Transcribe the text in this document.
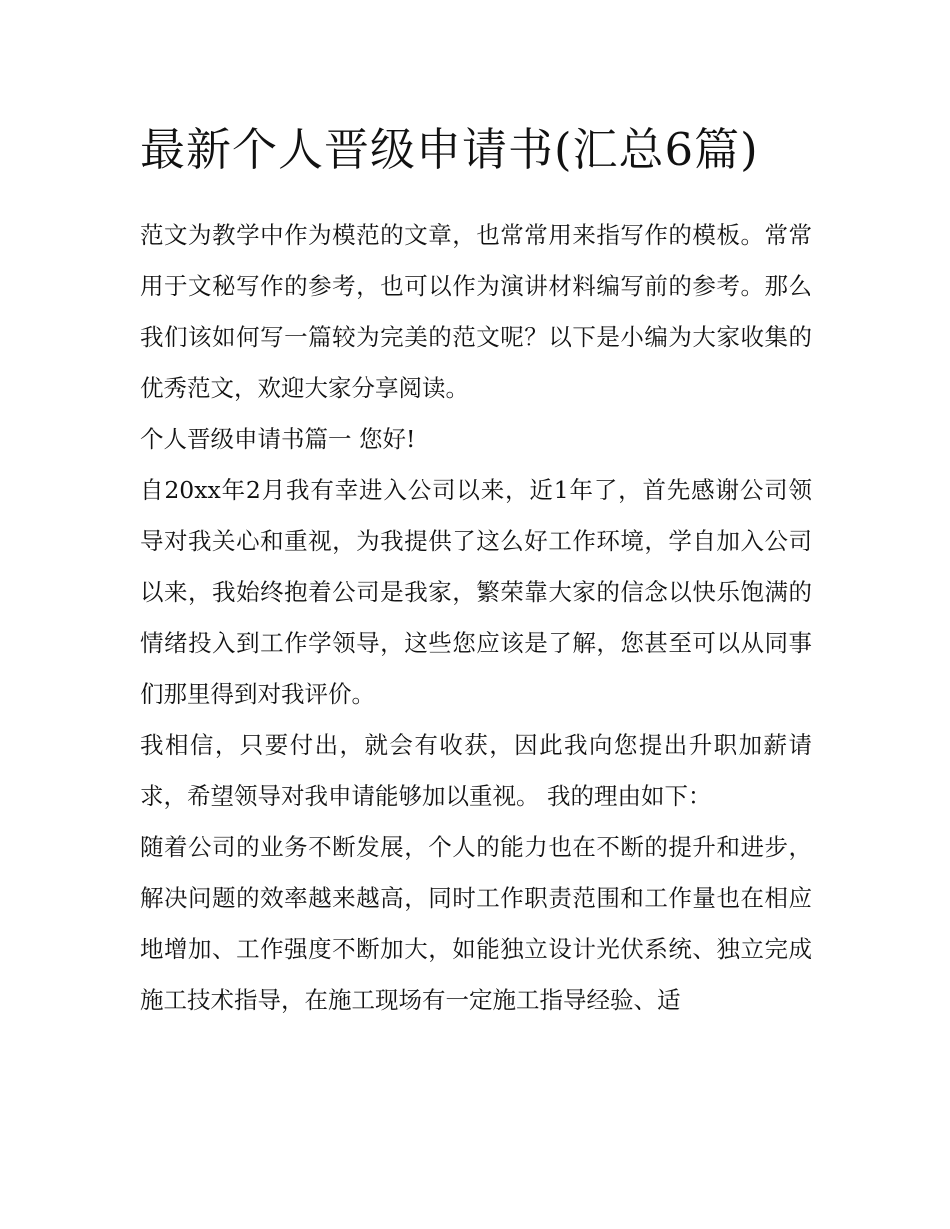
最新个人晋级申请书(汇总6篇)

范文为教学中作为模范的文章，也常常用来指写作的模板。常常用于文秘写作的参考，也可以作为演讲材料编写前的参考。那么我们该如何写一篇较为完美的范文呢？以下是小编为大家收集的优秀范文，欢迎大家分享阅读。

个人晋级申请书篇一 您好!

自20xx年2月我有幸进入公司以来，近1年了，首先感谢公司领导对我关心和重视，为我提供了这么好工作环境，学自加入公司以来，我始终抱着公司是我家，繁荣靠大家的信念以快乐饱满的情绪投入到工作学领导，这些您应该是了解，您甚至可以从同事们那里得到对我评价。

我相信，只要付出，就会有收获，因此我向您提出升职加薪请求，希望领导对我申请能够加以重视。 我的理由如下：

随着公司的业务不断发展，个人的能力也在不断的提升和进步，解决问题的效率越来越高，同时工作职责范围和工作量也在相应地增加、工作强度不断加大，如能独立设计光伏系统、独立完成施工技术指导，在施工现场有一定施工指导经验、适
